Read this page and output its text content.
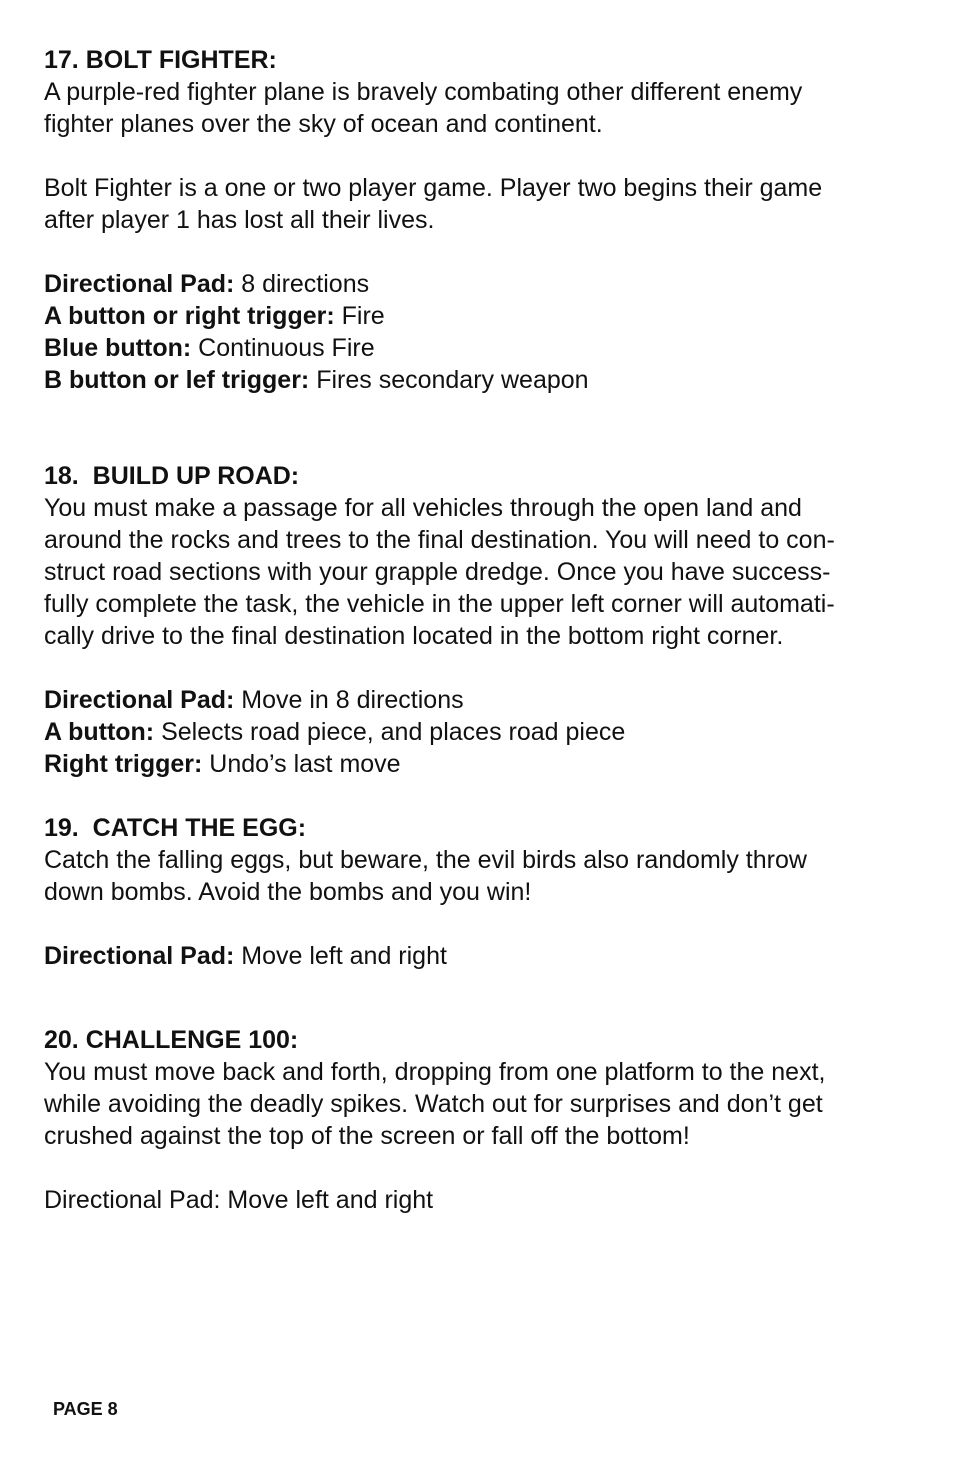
17. BOLT FIGHTER:
A purple-red fighter plane is bravely combating other different enemy
fighter planes over the sky of ocean and continent.
Bolt Fighter is a one or two player game. Player two begins their game
after player 1 has lost all their lives.
Directional Pad: 8 directions
A button or right trigger: Fire
Blue button: Continuous Fire
B button or lef trigger: Fires secondary weapon
18.  BUILD UP ROAD:
You must make a passage for all vehicles through the open land and
around the rocks and trees to the final destination. You will need to con-
struct road sections with your grapple dredge. Once you have success-
fully complete the task, the vehicle in the upper left corner will automati-
cally drive to the final destination located in the bottom right corner.
Directional Pad: Move in 8 directions
A button: Selects road piece, and places road piece
Right trigger: Undo’s last move
19.  CATCH THE EGG:
Catch the falling eggs, but beware, the evil birds also randomly throw
down bombs. Avoid the bombs and you win!
Directional Pad: Move left and right
20. CHALLENGE 100:
You must move back and forth, dropping from one platform to the next,
while avoiding the deadly spikes. Watch out for surprises and don’t get
crushed against the top of the screen or fall off the bottom!
Directional Pad: Move left and right
PAGE 8
